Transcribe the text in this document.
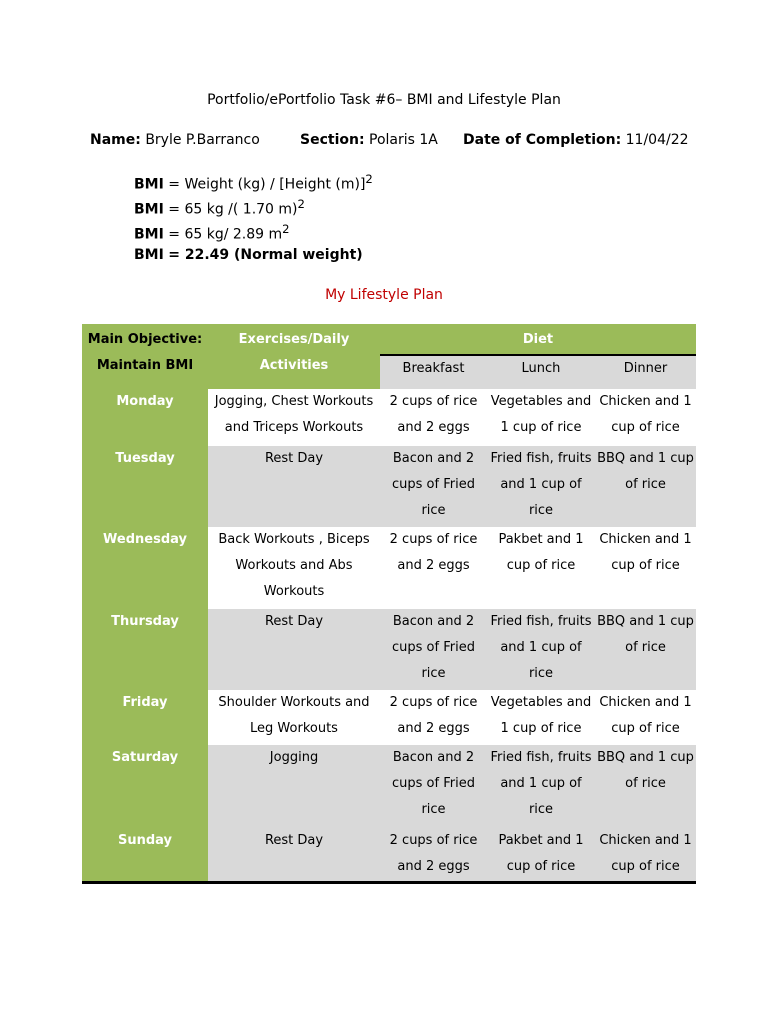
Portfolio/ePortfolio Task #6– BMI and Lifestyle Plan
Name: Bryle P.Barranco	Section: Polaris 1A Date of Completion: 11/04/22
BMI = Weight (kg) / [Height (m)]$^2$
BMI = 65 kg /( 1.70 m)$^2$
BMI = 65 kg/ 2.89 $m^2$
BMI = 22.49 (Normal weight)
My Lifestyle Plan
Main Objective:
Maintain BMI	Exercises/Daily Activities	Diet		
		Breakfast	Lunch	Dinner
Monday	Jogging, Chest Workouts and Triceps Workouts	2 cups of rice and 2 eggs	Vegetables and 1 cup of rice	Chicken and 1 cup of rice
Tuesday	Rest Day	Bacon and 2 cups of Fried rice	Fried fish, fruits and 1 cup of rice	BBQ and 1 cup of rice
Wednesday	Back Workouts , Biceps Workouts and Abs Workouts	2 cups of rice and 2 eggs	Pakbet and 1 cup of rice	Chicken and 1 cup of rice
Thursday	Rest Day	Bacon and 2 cups of Fried rice	Fried fish, fruits and 1 cup of rice	BBQ and 1 cup of rice
Friday	Shoulder Workouts and Leg Workouts	2 cups of rice and 2 eggs	Vegetables and 1 cup of rice	Chicken and 1 cup of rice
Saturday	Jogging	Bacon and 2 cups of Fried rice	Fried fish, fruits and 1 cup of rice	BBQ and 1 cup of rice
Sunday	Rest Day	2 cups of rice and 2 eggs	Pakbet and 1 cup of rice	Chicken and 1 cup of rice
